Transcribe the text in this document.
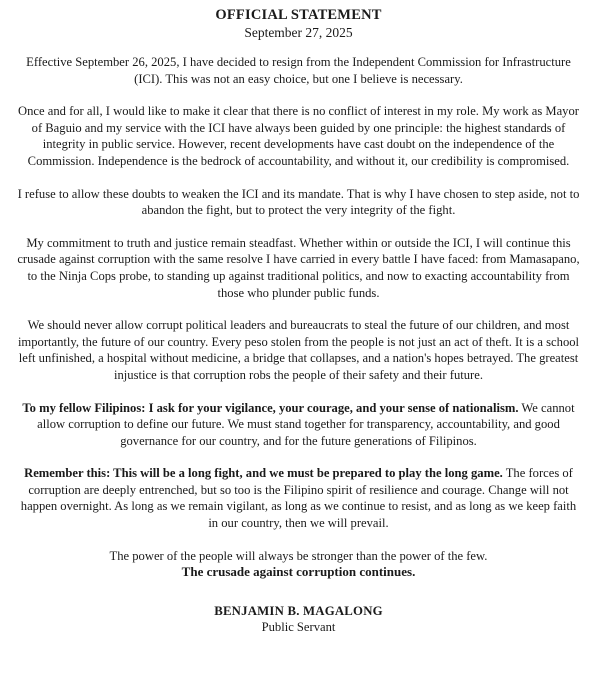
OFFICIAL STATEMENT
September 27, 2025

Effective September 26, 2025, I have decided to resign from the Independent Commission for Infrastructure (ICI). This was not an easy choice, but one I believe is necessary.

Once and for all, I would like to make it clear that there is no conflict of interest in my role. My work as Mayor of Baguio and my service with the ICI have always been guided by one principle: the highest standards of integrity in public service. However, recent developments have cast doubt on the independence of the Commission. Independence is the bedrock of accountability, and without it, our credibility is compromised.

I refuse to allow these doubts to weaken the ICI and its mandate. That is why I have chosen to step aside, not to abandon the fight, but to protect the very integrity of the fight.

My commitment to truth and justice remain steadfast. Whether within or outside the ICI, I will continue this crusade against corruption with the same resolve I have carried in every battle I have faced: from Mamasapano, to the Ninja Cops probe, to standing up against traditional politics, and now to exacting accountability from those who plunder public funds.

We should never allow corrupt political leaders and bureaucrats to steal the future of our children, and most importantly, the future of our country. Every peso stolen from the people is not just an act of theft. It is a school left unfinished, a hospital without medicine, a bridge that collapses, and a nation's hopes betrayed. The greatest injustice is that corruption robs the people of their safety and their future.

To my fellow Filipinos: I ask for your vigilance, your courage, and your sense of nationalism. We cannot allow corruption to define our future. We must stand together for transparency, accountability, and good governance for our country, and for the future generations of Filipinos.

Remember this: This will be a long fight, and we must be prepared to play the long game. The forces of corruption are deeply entrenched, but so too is the Filipino spirit of resilience and courage. Change will not happen overnight. As long as we remain vigilant, as long as we continue to resist, and as long as we keep faith in our country, then we will prevail.

The power of the people will always be stronger than the power of the few.
The crusade against corruption continues.
BENJAMIN B. MAGALONG
Public Servant
